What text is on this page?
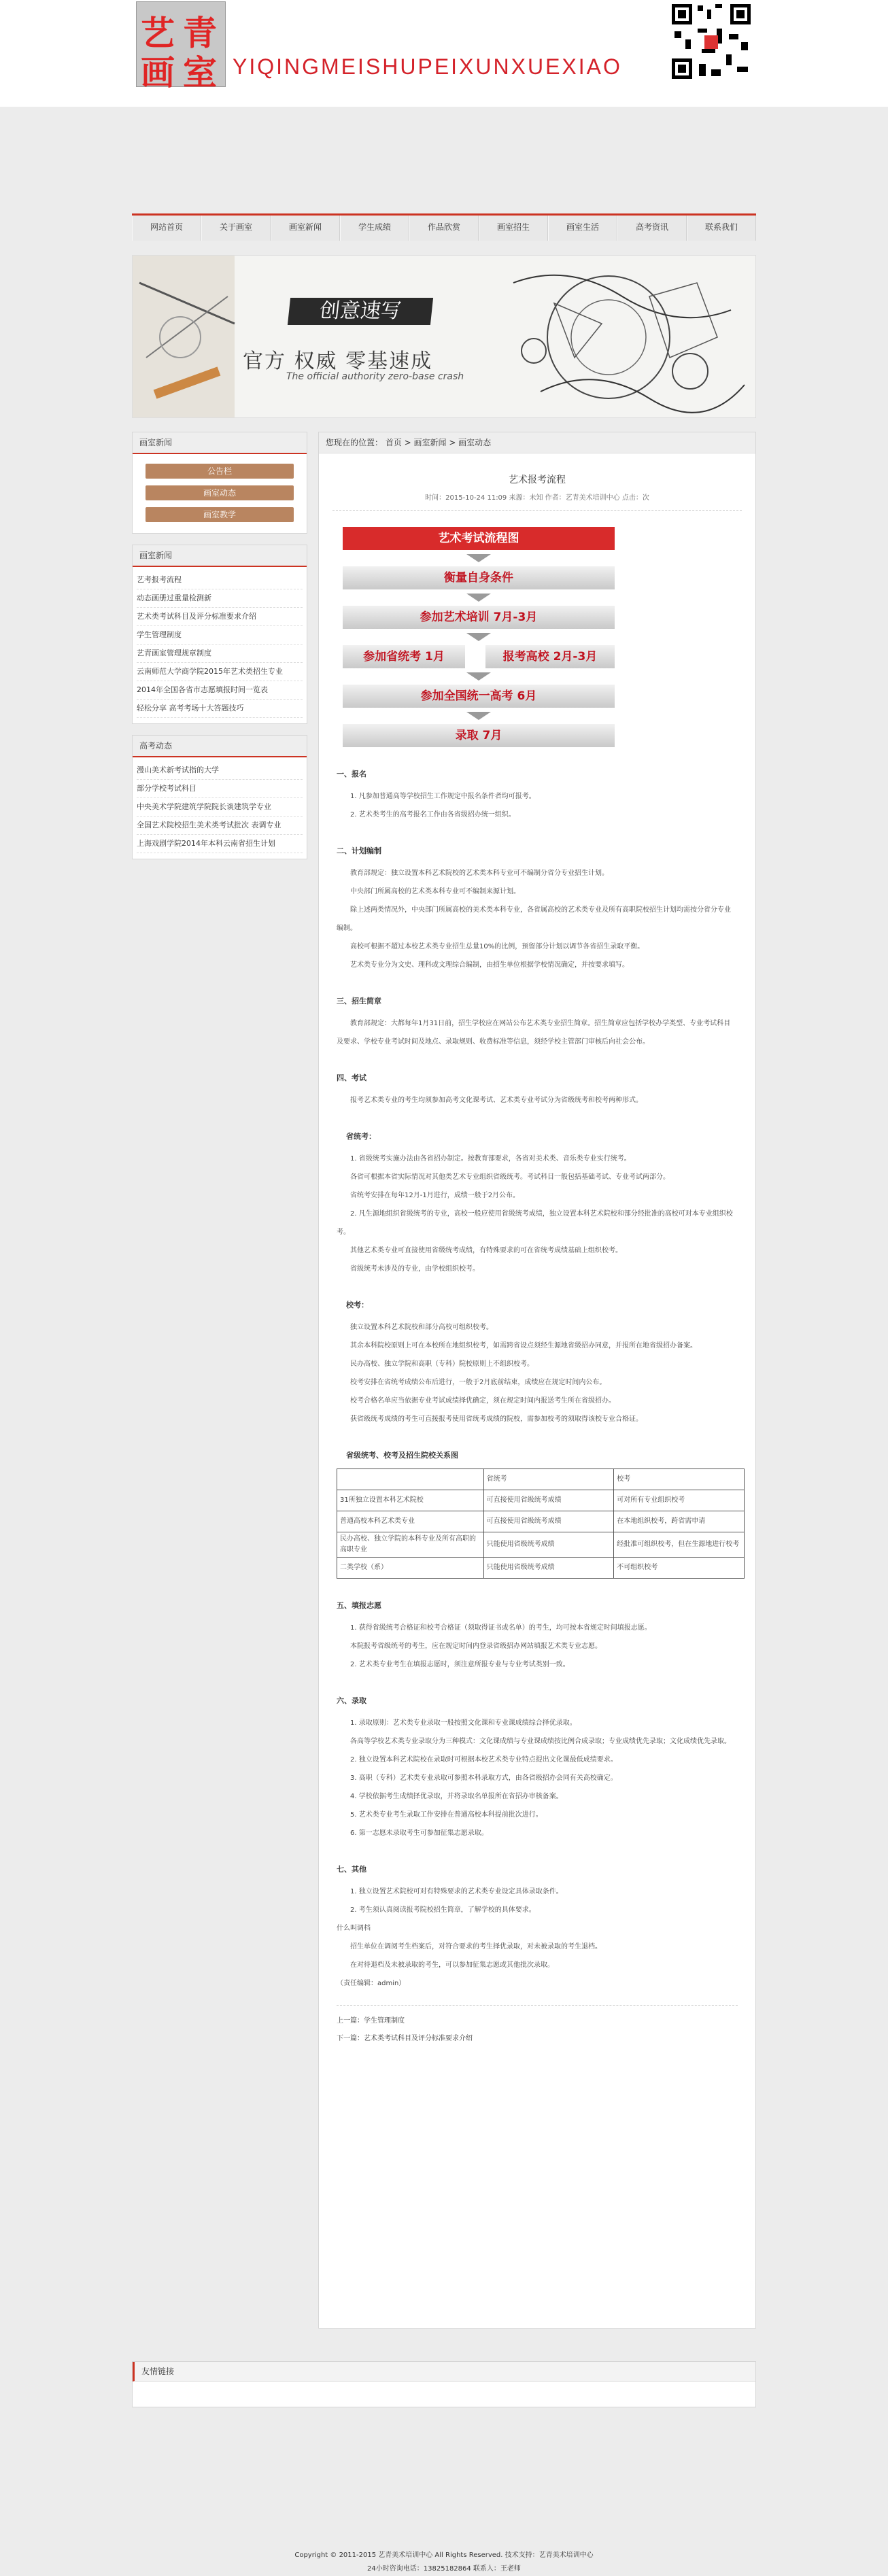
艺 青
画 室 YIQINGMEISHUPEIXUNXUEXIAO
网站首页	关于画室	画室新闻	学生成绩	作品欣赏	画室招生	画室生活	高考资讯	联系我们
创意速写
官方 权威 零基速成
The official authority zero-base crash
画室新闻
公告栏
画室动态
画室教学
画室新闻
艺考报考流程
动态画册过重量检测新
艺术类考试科目及评分标准要求介绍
学生管理制度
艺青画室管理规章制度
云南师范大学商学院2015年艺术类招生专业
2014年全国各省市志愿填报时间一览表
轻松分享 高考考场十大答题技巧
高考动态
漫山美术新考试指的大学
部分学校考试科目
中央美术学院建筑学院院长谈建筑学专业
全国艺术院校招生美术类考试批次 表调专业
上海戏剧学院2014年本科云南省招生计划
您现在的位置： 首页 > 画室新闻 > 画室动态
艺术报考流程
时间：2015-10-24 11:09 来源：未知 作者：艺青美术培训中心 点击：次
艺术考试流程图
衡量自身条件
参加艺术培训 7月-3月
参加省统考 1月	报考高校 2月-3月
参加全国统一高考 6月
录取 7月
一、报名

1. 凡参加普通高等学校招生工作规定中报名条件者均可报考。

2. 艺术类考生的高考报名工作由各省级招办统一组织。

二、计划编制

教育部规定：独立设置本科艺术院校的艺术类本科专业可不编制分省分专业招生计划。

中央部门所属高校的艺术类本科专业可不编制来源计划。

除上述两类情况外，中央部门所属高校的美术类本科专业，各省属高校的艺术类专业及所有高职院校招生计划均需按分省分专业编制。

高校可根据不超过本校艺术类专业招生总量10%的比例，预留部分计划以调节各省招生录取平衡。

艺术类专业分为文史、理科或文理综合编制，由招生单位根据学校情况确定，并按要求填写。

三、招生简章

教育部规定：大都每年1月31日前，招生学校应在网站公布艺术类专业招生简章。招生简章应包括学校办学类型、专业考试科目及要求、学校专业考试时间及地点、录取规则、收费标准等信息，须经学校主管部门审核后向社会公布。

四、考试

报考艺术类专业的考生均须参加高考文化课考试、艺术类专业考试分为省级统考和校考两种形式。

省统考：

1. 省级统考实施办法由各省招办制定。按教育部要求，各省对美术类、音乐类专业实行统考。

各省可根据本省实际情况对其他类艺术专业组织省级统考。考试科目一般包括基础考试、专业考试两部分。

省统考安排在每年12月-1月进行，成绩一般于2月公布。

2. 凡生源地组织省级统考的专业，高校一般应使用省级统考成绩，独立设置本科艺术院校和部分经批准的高校可对本专业组织校考。

其他艺术类专业可直接使用省级统考成绩，有特殊要求的可在省统考成绩基础上组织校考。

省级统考未涉及的专业，由学校组织校考。

校考：

独立设置本科艺术院校和部分高校可组织校考。

其余本科院校原则上可在本校所在地组织校考，如需跨省设点须经生源地省级招办同意，并报所在地省级招办备案。

民办高校、独立学院和高职（专科）院校原则上不组织校考。

校考安排在省统考成绩公布后进行，一般于2月底前结束，成绩应在规定时间内公布。

校考合格名单应当依据专业考试成绩择优确定，须在规定时间内报送考生所在省级招办。

获省级统考成绩的考生可直接报考使用省统考成绩的院校，需参加校考的须取得该校专业合格证。

省级统考、校考及招生院校关系图
	省统考	校考
31所独立设置本科艺术院校	可直接使用省级统考成绩	可对所有专业组织校考
普通高校本科艺术类专业	可直接使用省级统考成绩	在本地组织校考，跨省需申请
民办高校、独立学院的本科专业及所有高职的高职专业	只能使用省级统考成绩	经批准可组织校考，但在生源地进行校考
二类学校（系）	只能使用省级统考成绩	不可组织校考
五、填报志愿

1. 获得省级统考合格证和校考合格证（须取得证书或名单）的考生，均可按本省规定时间填报志愿。

本院报考省级统考的考生，应在规定时间内登录省级招办网站填报艺术类专业志愿。

2. 艺术类专业考生在填报志愿时，须注意所报专业与专业考试类别一致。

六、录取

1. 录取原则：艺术类专业录取一般按照文化课和专业课成绩综合择优录取。

各高等学校艺术类专业录取分为三种模式：文化课成绩与专业课成绩按比例合成录取；专业成绩优先录取；文化成绩优先录取。

2. 独立设置本科艺术院校在录取时可根据本校艺术类专业特点提出文化课最低成绩要求。

3. 高职（专科）艺术类专业录取可参照本科录取方式，由各省级招办会同有关高校确定。

4. 学校依据考生成绩择优录取，并将录取名单报所在省招办审核备案。

5. 艺术类专业考生录取工作安排在普通高校本科提前批次进行。

6. 第一志愿未录取考生可参加征集志愿录取。

七、其他

1. 独立设置艺术院校可对有特殊要求的艺术类专业设定具体录取条件。

2. 考生须认真阅读报考院校招生简章，了解学校的具体要求。

什么叫调档

招生单位在调阅考生档案后，对符合要求的考生择优录取，对未被录取的考生退档。

在对待退档及未被录取的考生，可以参加征集志愿或其他批次录取。

（责任编辑：admin）

上一篇：学生管理制度
下一篇：艺术类考试科目及评分标准要求介绍
友情链接
Copyright © 2011-2015 艺青美术培训中心 All Rights Reserved. 技术支持：艺青美术培训中心
24小时咨询电话：13825182864 联系人：王老师
